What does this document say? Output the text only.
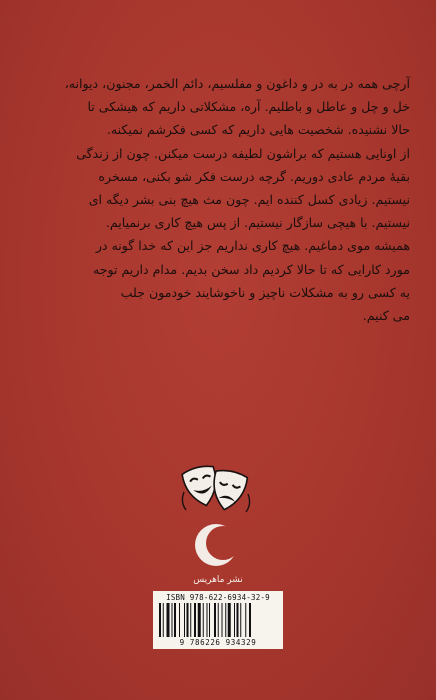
آرچی همه در به در و داغون و مفلسیم، دائم الخمر، مجنون، دیوانه،
خل و چل و عاطل و باطلیم. آره، مشکلاتی داریم که هیشکی تا
حالا نشنیده. شخصیت هایی داریم که کسی فکرشم نمیکنه.
از اونایی هستیم که براشون لطیفه درست میکنن. چون از زندگی
بقیهٔ مردم عادی دوریم. گرچه درست فکر شو بکنی، مسخره
نیستیم. زیادی کسل کننده ایم. چون مث هیچ بنی بشر دیگه ای
نیستیم. با هیچی سازگار نیستیم. از پس هیچ کاری برنمیایم.
همیشه موی دماغیم. هیچ کاری نداریم جز این که خدا گونه در
مورد کارایی که تا حالا کردیم داد سخن بدیم. مدام داریم توجه
یه کسی رو به مشکلات ناچیز و ناخوشایند خودمون جلب
می کنیم.
نشر ماهریس
ISBN 978-622-6934-32-9
9 786226 934329
